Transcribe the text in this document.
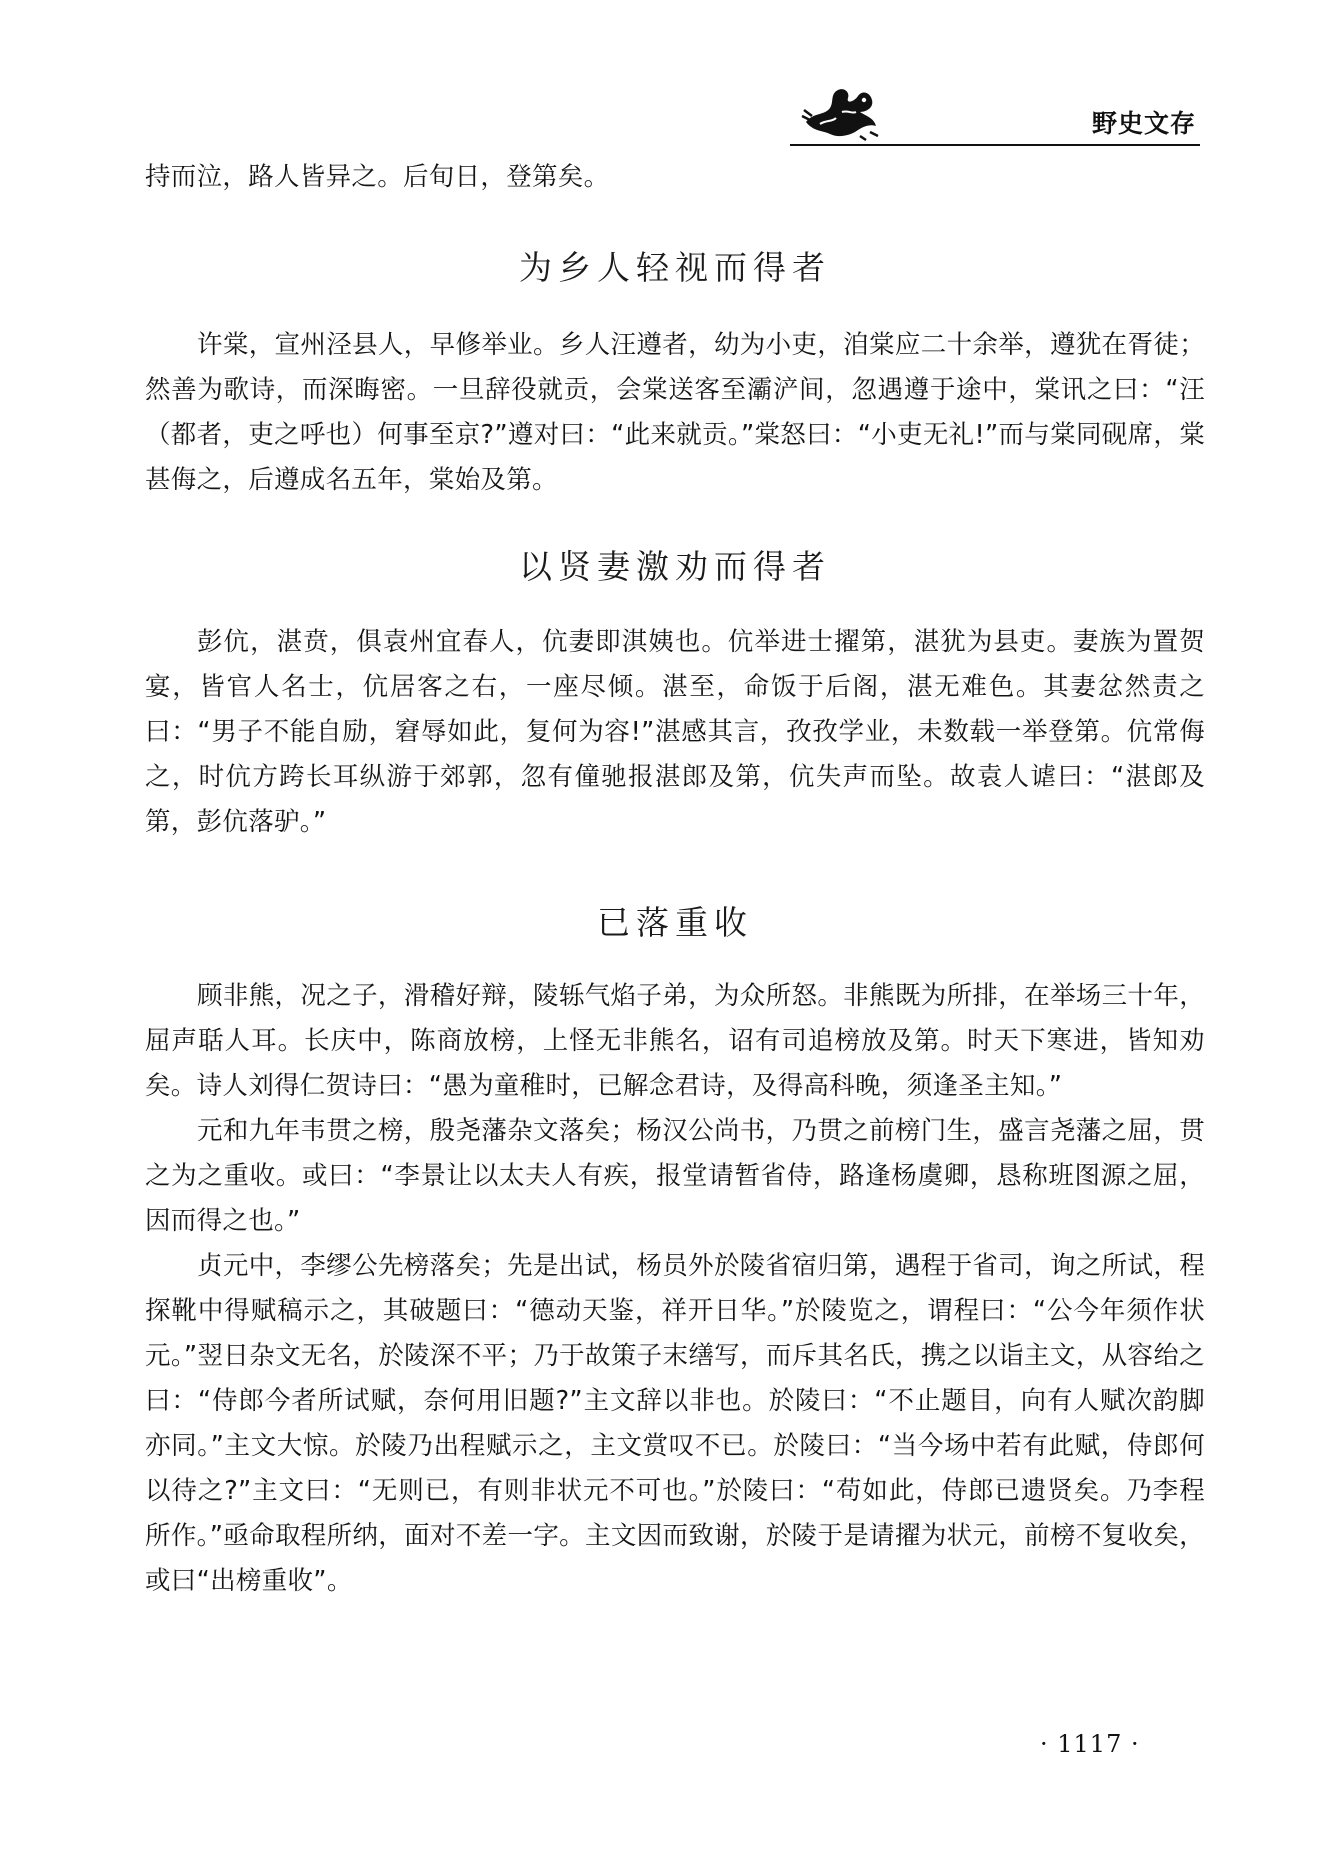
野史文存

持而泣，路人皆异之。后旬日，登第矣。

为乡人轻视而得者

许棠，宣州泾县人，早修举业。乡人汪遵者，幼为小吏，洎棠应二十余举，遵犹在胥徒；然善为歌诗，而深晦密。一旦辞役就贡，会棠送客至灞浐间，忽遇遵于途中，棠讯之曰：“汪（都者，吏之呼也）何事至京?”遵对曰：“此来就贡。”棠怒曰：“小吏无礼!”而与棠同砚席，棠甚侮之，后遵成名五年，棠始及第。

以贤妻激劝而得者

彭伉，湛贲，俱袁州宜春人，伉妻即淇姨也。伉举进士擢第，湛犹为县吏。妻族为置贺宴，皆官人名士，伉居客之右，一座尽倾。湛至，命饭于后阁，湛无难色。其妻忿然责之曰：“男子不能自励，窘辱如此，复何为容!”湛感其言，孜孜学业，未数载一举登第。伉常侮之，时伉方跨长耳纵游于郊郭，忽有僮驰报湛郎及第，伉失声而坠。故袁人谑曰：“湛郎及第，彭伉落驴。”

已落重收

顾非熊，况之子，滑稽好辩，陵轹气焰子弟，为众所怒。非熊既为所排，在举场三十年，屈声聒人耳。长庆中，陈商放榜，上怪无非熊名，诏有司追榜放及第。时天下寒进，皆知劝矣。诗人刘得仁贺诗曰：“愚为童稚时，已解念君诗，及得高科晚，须逢圣主知。”

元和九年韦贯之榜，殷尧藩杂文落矣；杨汉公尚书，乃贯之前榜门生，盛言尧藩之屈，贯之为之重收。或曰：“李景让以太夫人有疾，报堂请暂省侍，路逢杨虞卿，恳称班图源之屈，因而得之也。”

贞元中，李缪公先榜落矣；先是出试，杨员外於陵省宿归第，遇程于省司，询之所试，程探靴中得赋稿示之，其破题曰：“德动天鉴，祥开日华。”於陵览之，谓程曰：“公今年须作状元。”翌日杂文无名，於陵深不平；乃于故策子末缮写，而斥其名氏，携之以诣主文，从容绐之曰：“侍郎今者所试赋，奈何用旧题?”主文辞以非也。於陵曰：“不止题目，向有人赋次韵脚亦同。”主文大惊。於陵乃出程赋示之，主文赏叹不已。於陵曰：“当今场中若有此赋，侍郎何以待之?”主文曰：“无则已，有则非状元不可也。”於陵曰：“苟如此，侍郎已遗贤矣。乃李程所作。”亟命取程所纳，面对不差一字。主文因而致谢，於陵于是请擢为状元，前榜不复收矣，或曰“出榜重收”。

· 1117 ·
